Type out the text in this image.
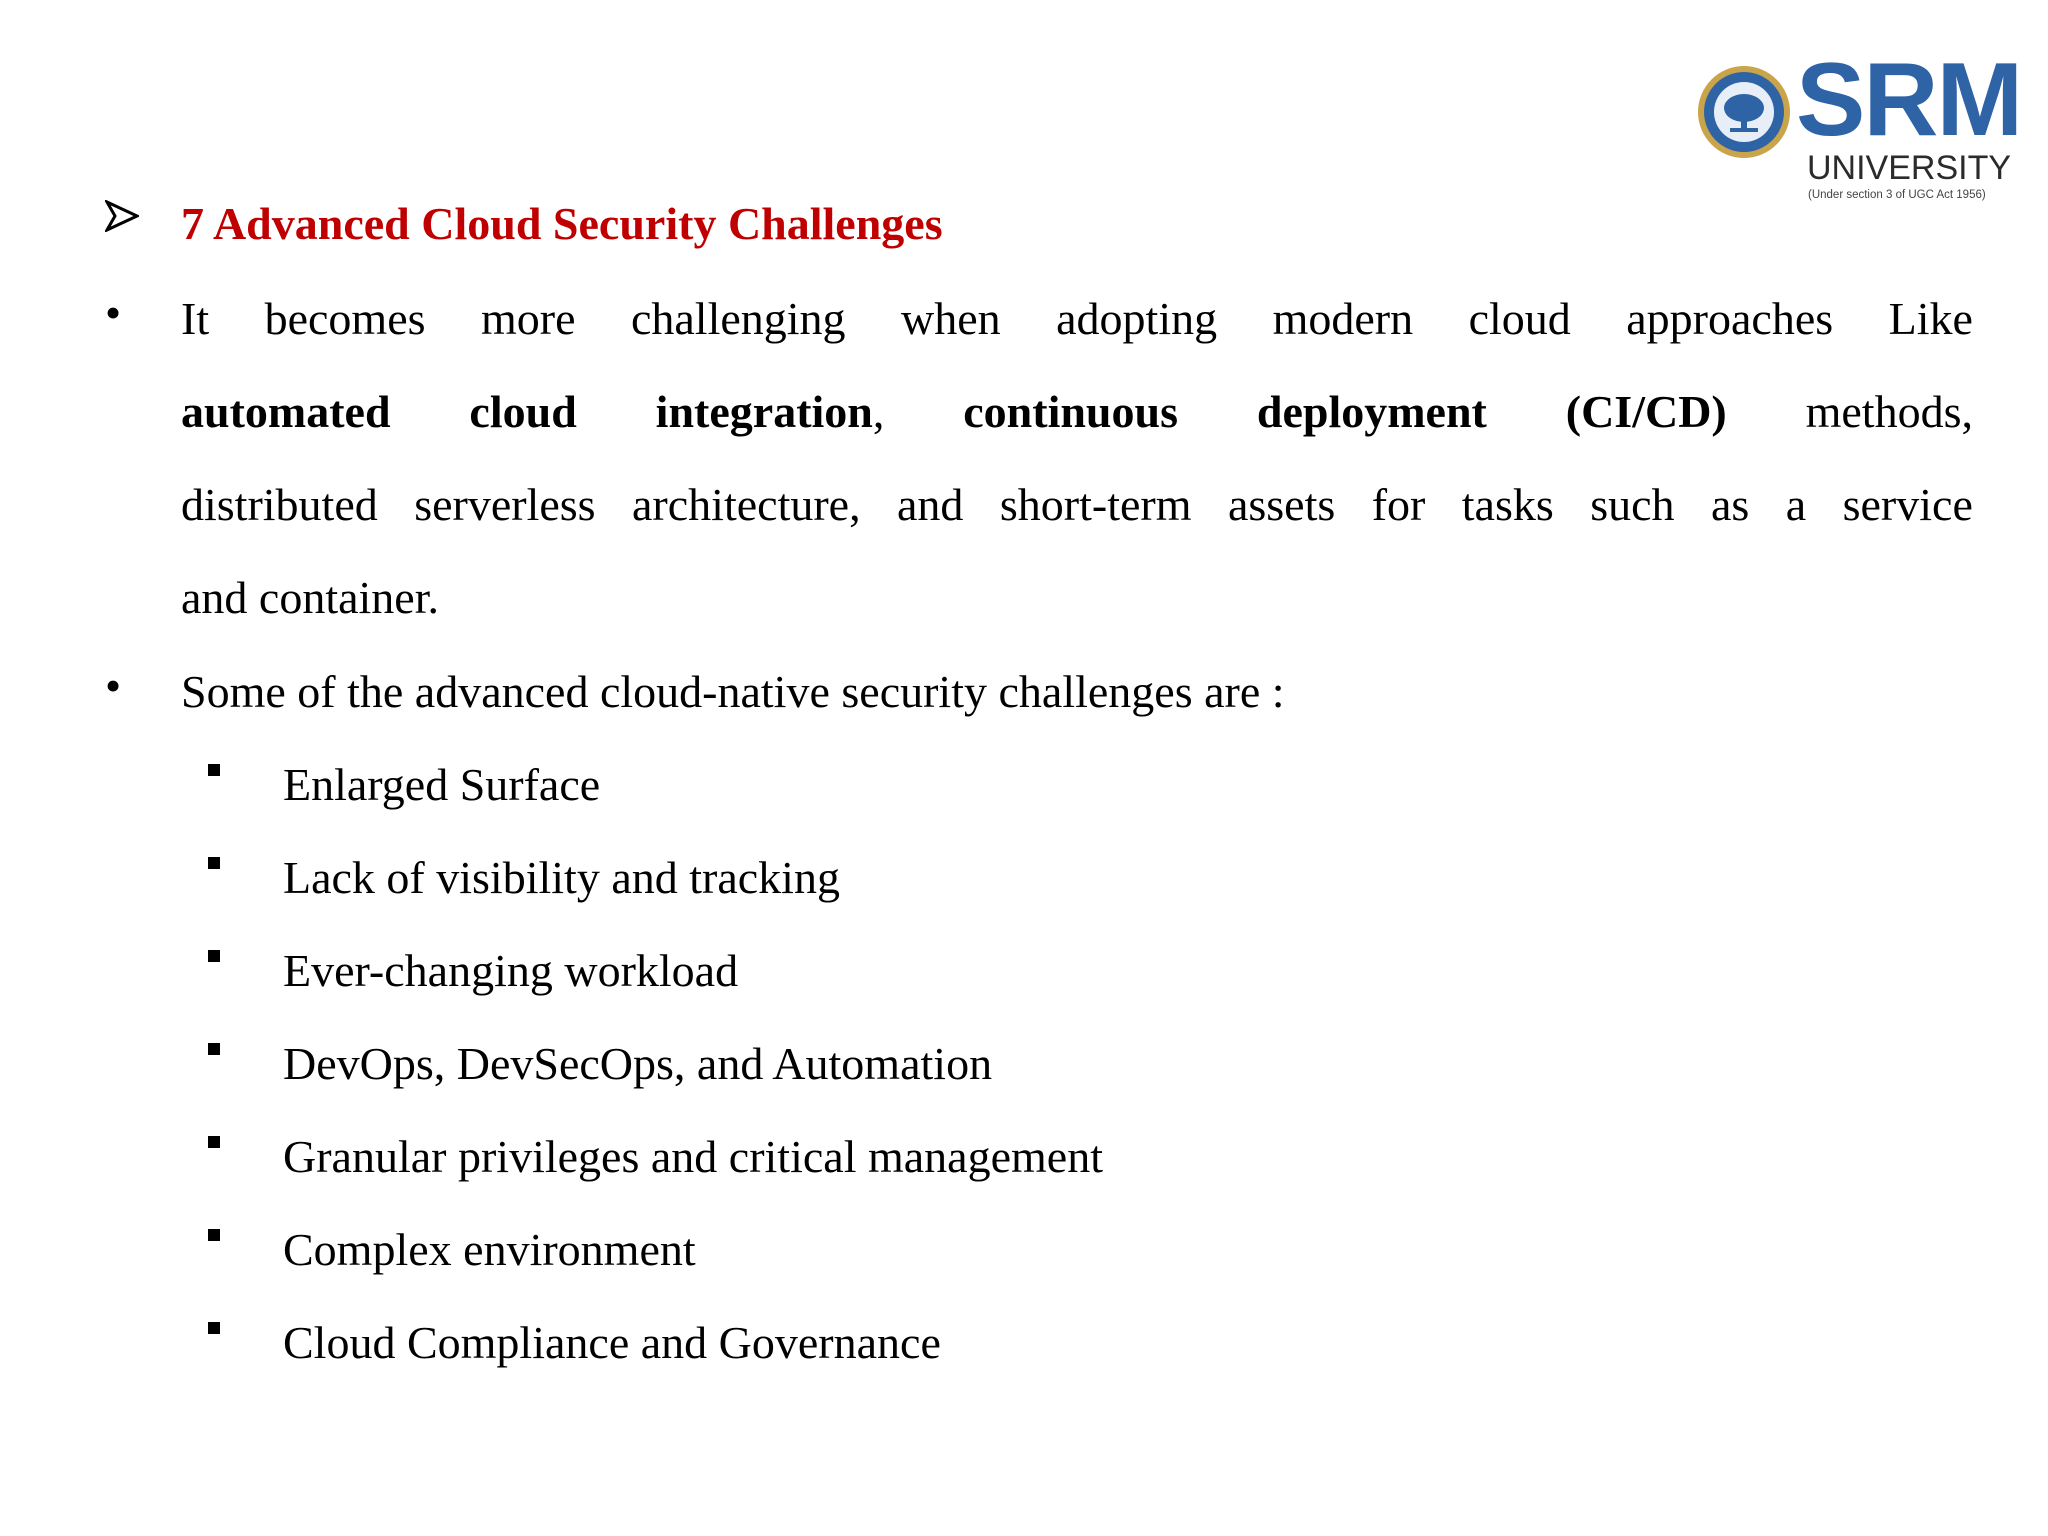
SRM
UNIVERSITY
(Under section 3 of UGC Act 1956)
7 Advanced Cloud Security Challenges
• It becomes more challenging when adopting modern cloud approaches Like
automated cloud integration, continuous deployment (CI/CD) methods,
distributed serverless architecture, and short-term assets for tasks such as a service
and container.
• Some of the advanced cloud-native security challenges are :
Enlarged Surface
Lack of visibility and tracking
Ever-changing workload
DevOps, DevSecOps, and Automation
Granular privileges and critical management
Complex environment
Cloud Compliance and Governance
